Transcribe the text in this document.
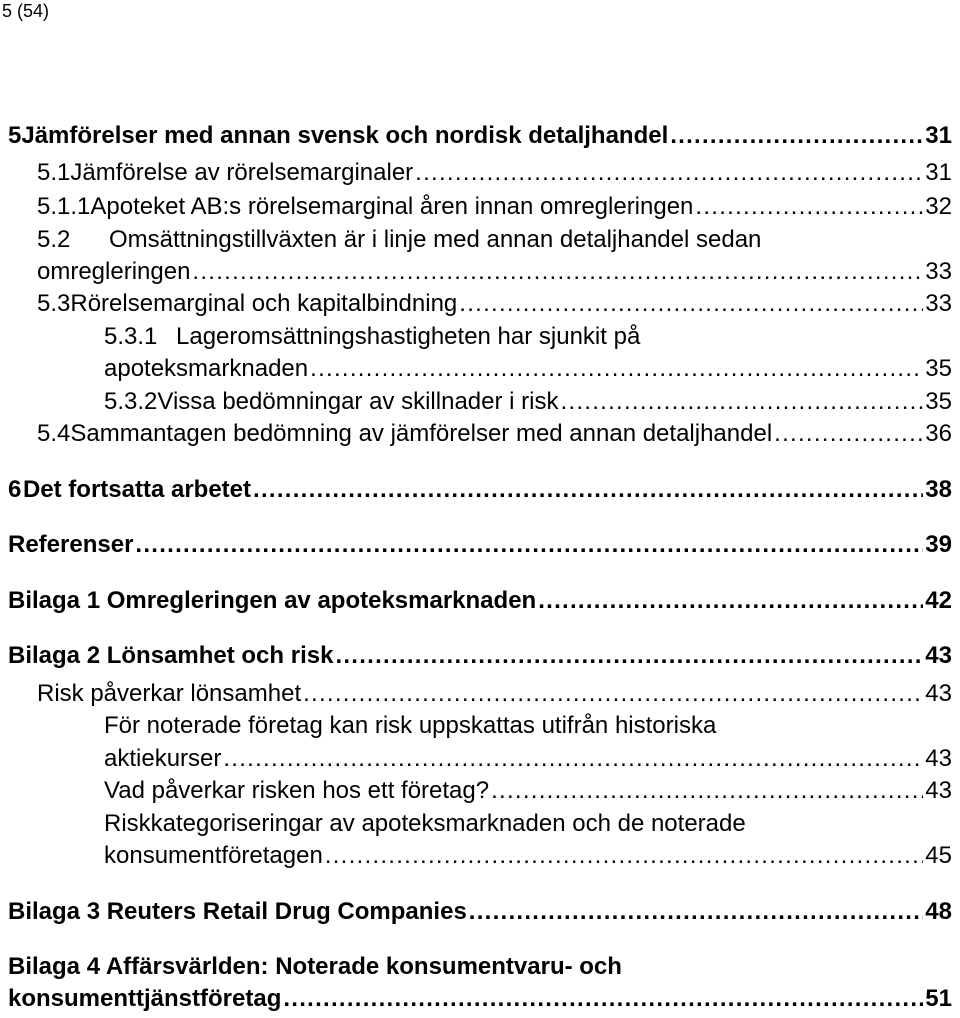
5 (54)
5 Jämförelser med annan svensk och nordisk detaljhandel . . .	31
5.1 Jämförelse av rörelsemarginaler . . .	31
5.1.1 Apoteket AB:s rörelsemarginal åren innan omregleringen . . .	32
5.2	Omsättningstillväxten är i linje med annan detaljhandel sedan
omregleringen . . .	33
5.3 Rörelsemarginal och kapitalbindning . . .	33
5.3.1 Lageromsättningshastigheten har sjunkit på
apoteksmarknaden . . .	35
5.3.2 Vissa bedömningar av skillnader i risk . . .	35
5.4 Sammantagen bedömning av jämförelser med annan detaljhandel . . .	36
6 Det fortsatta arbetet . . .	38
Referenser . . .	39
Bilaga 1 Omregleringen av apoteksmarknaden . . .	42
Bilaga 2 Lönsamhet och risk . . .	43
Risk påverkar lönsamhet . . .	43
För noterade företag kan risk uppskattas utifrån historiska
aktiekurser . . .	43
Vad påverkar risken hos ett företag? . . .	43
Riskkategoriseringar av apoteksmarknaden och de noterade
konsumentföretagen . . .	45
Bilaga 3 Reuters Retail Drug Companies . . .	48
Bilaga 4 Affärsvärlden: Noterade konsumentvaru- och
konsumenttjänstföretag . . .	51
